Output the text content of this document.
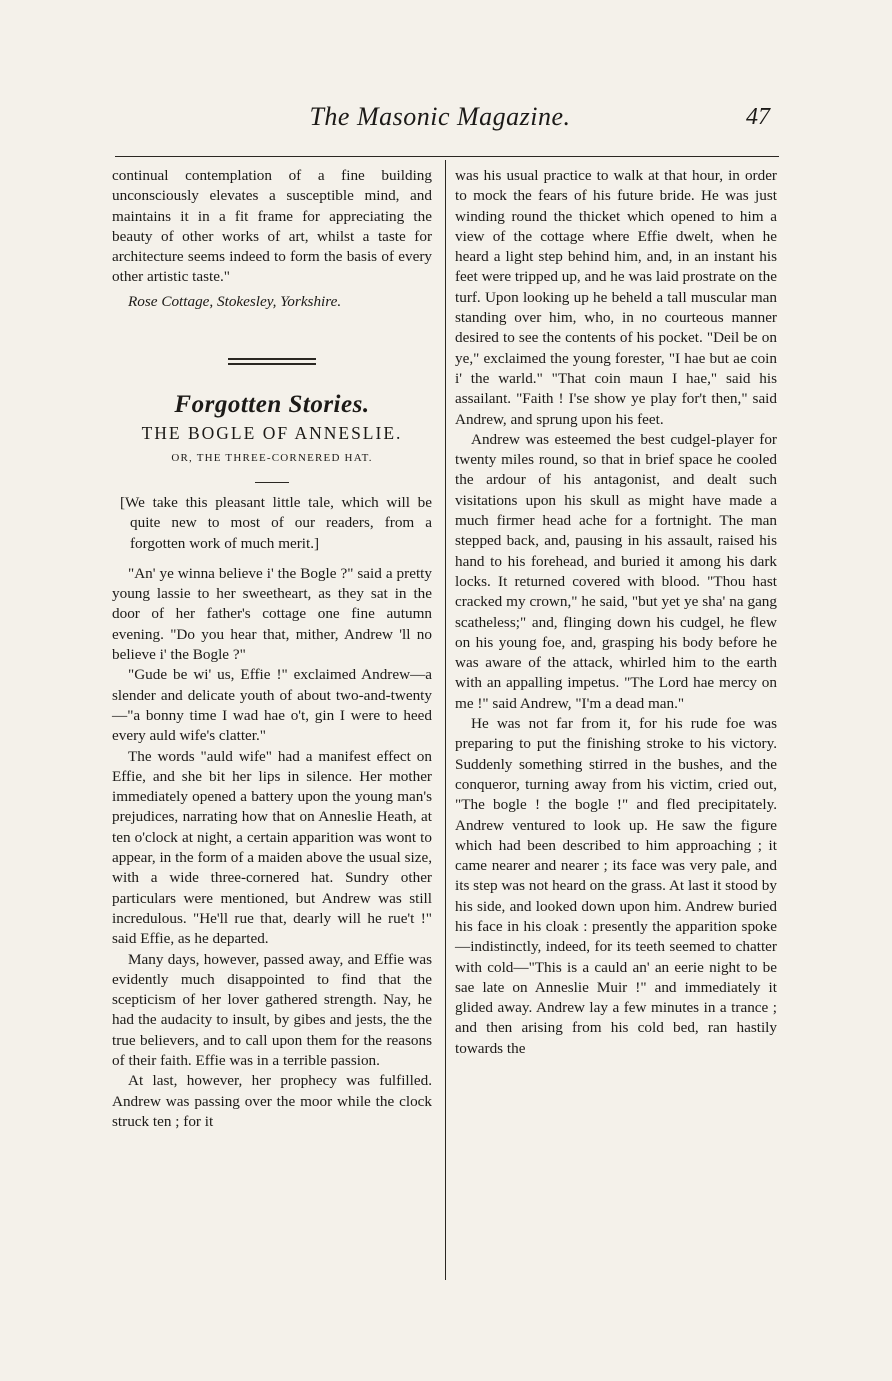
The Masonic Magazine.	47

continual contemplation of a fine building unconsciously elevates a susceptible mind, and maintains it in a fit frame for appreciating the beauty of other works of art, whilst a taste for architecture seems indeed to form the basis of every other artistic taste."

Rose Cottage, Stokesley, Yorkshire.

Forgotten Stories.
THE BOGLE OF ANNESLIE.
OR, THE THREE-CORNERED HAT.

[We take this pleasant little tale, which will be quite new to most of our readers, from a forgotten work of much merit.]

"An' ye winna believe i' the Bogle ?" said a pretty young lassie to her sweetheart, as they sat in the door of her father's cottage one fine autumn evening. "Do you hear that, mither, Andrew 'll no believe i' the Bogle ?"

"Gude be wi' us, Effie !" exclaimed Andrew—a slender and delicate youth of about two-and-twenty—"a bonny time I wad hae o't, gin I were to heed every auld wife's clatter."

The words "auld wife" had a manifest effect on Effie, and she bit her lips in silence. Her mother immediately opened a battery upon the young man's prejudices, narrating how that on Anneslie Heath, at ten o'clock at night, a certain apparition was wont to appear, in the form of a maiden above the usual size, with a wide three-cornered hat. Sundry other particulars were mentioned, but Andrew was still incredulous. "He'll rue that, dearly will he rue't !" said Effie, as he departed.

Many days, however, passed away, and Effie was evidently much disappointed to find that the scepticism of her lover gathered strength. Nay, he had the audacity to insult, by gibes and jests, the the true believers, and to call upon them for the reasons of their faith. Effie was in a terrible passion.

At last, however, her prophecy was fulfilled. Andrew was passing over the moor while the clock struck ten ; for it

was his usual practice to walk at that hour, in order to mock the fears of his future bride. He was just winding round the thicket which opened to him a view of the cottage where Effie dwelt, when he heard a light step behind him, and, in an instant his feet were tripped up, and he was laid prostrate on the turf. Upon looking up he beheld a tall muscular man standing over him, who, in no courteous manner desired to see the contents of his pocket. "Deil be on ye," exclaimed the young forester, "I hae but ae coin i' the warld." "That coin maun I hae," said his assailant. "Faith ! I'se show ye play for't then," said Andrew, and sprung upon his feet.

Andrew was esteemed the best cudgel-player for twenty miles round, so that in brief space he cooled the ardour of his antagonist, and dealt such visitations upon his skull as might have made a much firmer head ache for a fortnight. The man stepped back, and, pausing in his assault, raised his hand to his forehead, and buried it among his dark locks. It returned covered with blood. "Thou hast cracked my crown," he said, "but yet ye sha' na gang scatheless;" and, flinging down his cudgel, he flew on his young foe, and, grasping his body before he was aware of the attack, whirled him to the earth with an appalling impetus. "The Lord hae mercy on me !" said Andrew, "I'm a dead man."

He was not far from it, for his rude foe was preparing to put the finishing stroke to his victory. Suddenly something stirred in the bushes, and the conqueror, turning away from his victim, cried out, "The bogle ! the bogle !" and fled precipitately. Andrew ventured to look up. He saw the figure which had been described to him approaching ; it came nearer and nearer ; its face was very pale, and its step was not heard on the grass. At last it stood by his side, and looked down upon him. Andrew buried his face in his cloak : presently the apparition spoke—indistinctly, indeed, for its teeth seemed to chatter with cold—"This is a cauld an' an eerie night to be sae late on Anneslie Muir !" and immediately it glided away. Andrew lay a few minutes in a trance ; and then arising from his cold bed, ran hastily towards the
